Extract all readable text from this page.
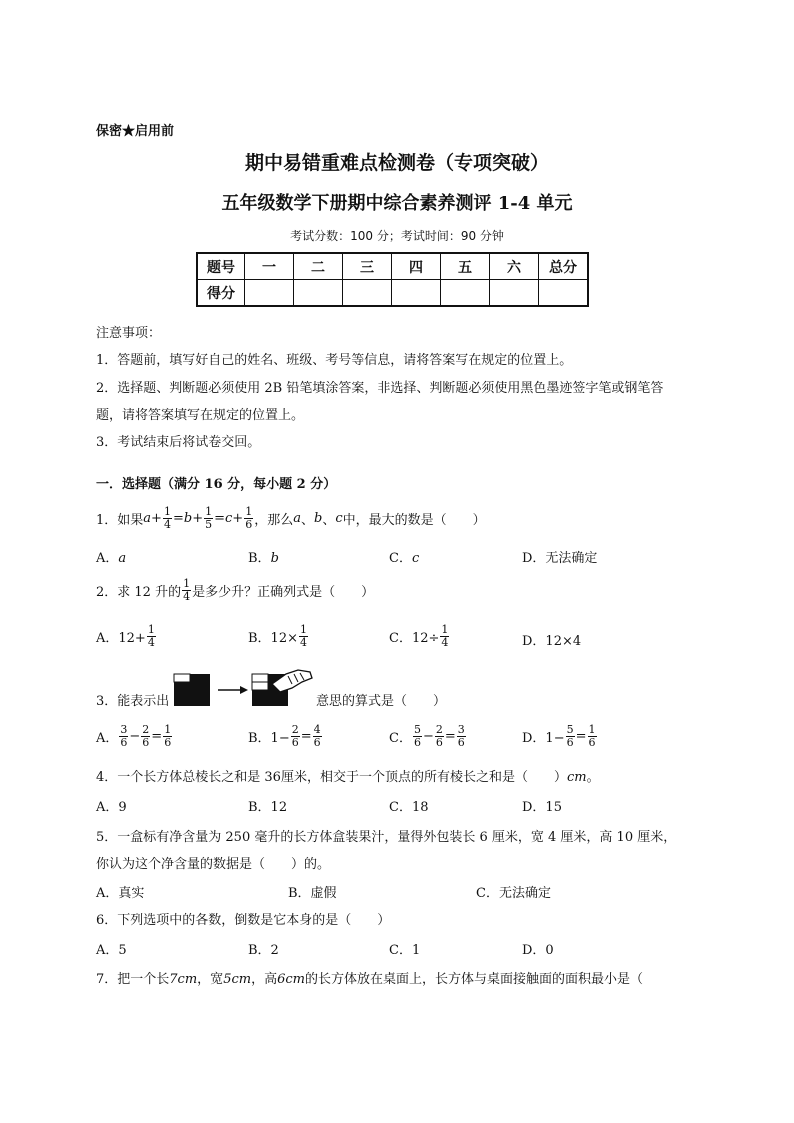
保密★启用前
期中易错重难点检测卷（专项突破）
五年级数学下册期中综合素养测评 1-4 单元
考试分数：100 分；考试时间：90 分钟
题号	一	二	三	四	五	六	总分
得分							
注意事项：
1．答题前，填写好自己的姓名、班级、考号等信息，请将答案写在规定的位置上。
2．选择题、判断题必须使用 2B 铅笔填涂答案，非选择、判断题必须使用黑色墨迹签字笔或钢笔答
题，请将答案填写在规定的位置上。
3．考试结束后将试卷交回。
一．选择题（满分 16 分，每小题 2 分）
1．如果 $a + \frac{1}{4} = b + \frac{1}{5} = c + \frac{1}{6}$ ，那么 a 、 b 、 c 中，最大的数是（　　）
A．a	B．b	C．c	D．无法确定
2．求 12 升的 $\frac{1}{4}$ 是多少升？正确列式是（　　）
A．$12+ \frac{1}{4}$	B．$12\times \frac{1}{4}$	C．$12\div \frac{1}{4}$	D．12×4
3．能表示出	意思的算式是（　　）
A． $\frac{3}{6} - \frac{2}{6} = \frac{1}{6}$	B．$1- \frac{2}{6} = \frac{4}{6}$	C． $\frac{5}{6} - \frac{2}{6} = \frac{3}{6}$	D．$1- \frac{5}{6} = \frac{1}{6}$
4．一个长方体总棱长之和是 36厘米，相交于一个顶点的所有棱长之和是（　　）cm。
A．9	B．12	C．18	D．15
5．一盒标有净含量为 250 毫升的长方体盒装果汁，量得外包装长 6 厘米，宽 4 厘米，高 10 厘米，
你认为这个净含量的数据是（　　）的。
A．真实	B．虚假	C．无法确定
6．下列选项中的各数，倒数是它本身的是（　　）
A．5	B．2	C．1	D．0
7．把一个长7cm，宽5cm，高6cm的长方体放在桌面上，长方体与桌面接触面的面积最小是（
